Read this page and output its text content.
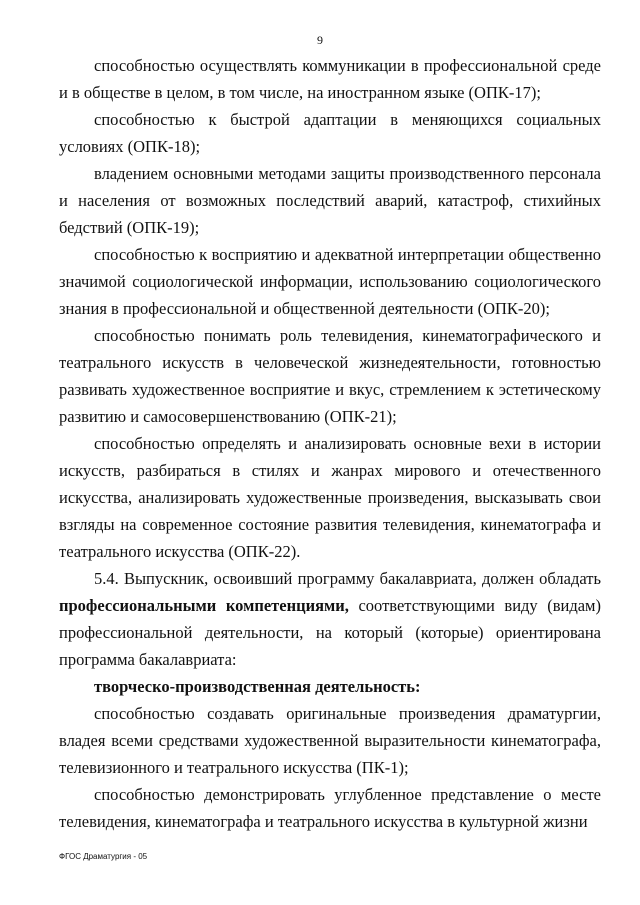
9

способностью осуществлять коммуникации в профессиональной среде и в обществе в целом, в том числе, на иностранном языке (ОПК-17);

способностью к быстрой адаптации в меняющихся социальных условиях (ОПК-18);

владением основными методами защиты производственного персонала и населения от возможных последствий аварий, катастроф, стихийных бедствий (ОПК-19);

способностью к восприятию и адекватной интерпретации общественно значимой социологической информации, использованию социологического знания в профессиональной и общественной деятельности (ОПК-20);

способностью понимать роль телевидения, кинематографического и театрального искусств в человеческой жизнедеятельности, готовностью развивать художественное восприятие и вкус, стремлением к эстетическому развитию и самосовершенствованию (ОПК-21);

способностью определять и анализировать основные вехи в истории искусств, разбираться в стилях и жанрах мирового и отечественного искусства, анализировать художественные произведения, высказывать свои взгляды на современное состояние развития телевидения, кинематографа и театрального искусства (ОПК-22).

5.4. Выпускник, освоивший программу бакалавриата, должен обладать профессиональными компетенциями, соответствующими виду (видам) профессиональной деятельности, на который (которые) ориентирована программа бакалавриата:

творческо-производственная деятельность:

способностью создавать оригинальные произведения драматургии, владея всеми средствами художественной выразительности кинематографа, телевизионного и театрального искусства (ПК-1);

способностью демонстрировать углубленное представление о месте телевидения, кинематографа и театрального искусства в культурной жизни

ФГОС Драматургия - 05
